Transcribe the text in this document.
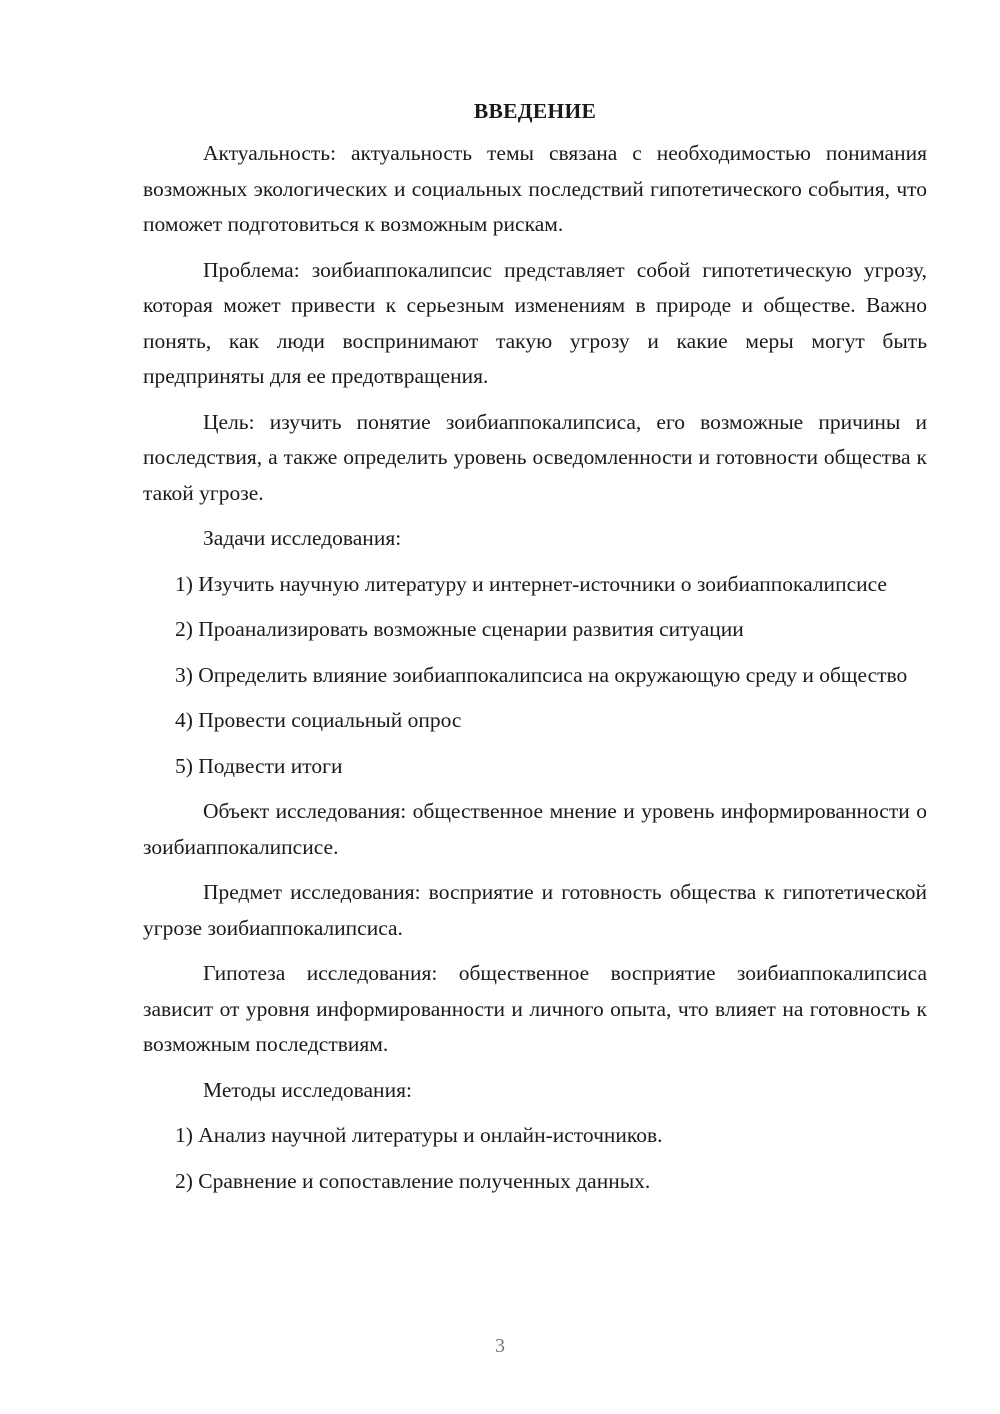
ВВЕДЕНИЕ

Актуальность: актуальность темы связана с необходимостью понимания возможных экологических и социальных последствий гипотетического события, что поможет подготовиться к возможным рискам.

Проблема: зоибиаппокалипсис представляет собой гипотетическую угрозу, которая может привести к серьезным изменениям в природе и обществе. Важно понять, как люди воспринимают такую угрозу и какие меры могут быть предприняты для ее предотвращения.

Цель: изучить понятие зоибиаппокалипсиса, его возможные причины и последствия, а также определить уровень осведомленности и готовности общества к такой угрозе.

Задачи исследования:

1) Изучить научную литературу и интернет-источники о зоибиаппокалипсисе

2) Проанализировать возможные сценарии развития ситуации

3) Определить влияние зоибиаппокалипсиса на окружающую среду и общество

4) Провести социальный опрос

5) Подвести итоги

Объект исследования: общественное мнение и уровень информированности о зоибиаппокалипсисе.

Предмет исследования: восприятие и готовность общества к гипотетической угрозе зоибиаппокалипсиса.

Гипотеза исследования: общественное восприятие зоибиаппокалипсиса зависит от уровня информированности и личного опыта, что влияет на готовность к возможным последствиям.

Методы исследования:

1) Анализ научной литературы и онлайн-источников.

2) Сравнение и сопоставление полученных данных.

3
